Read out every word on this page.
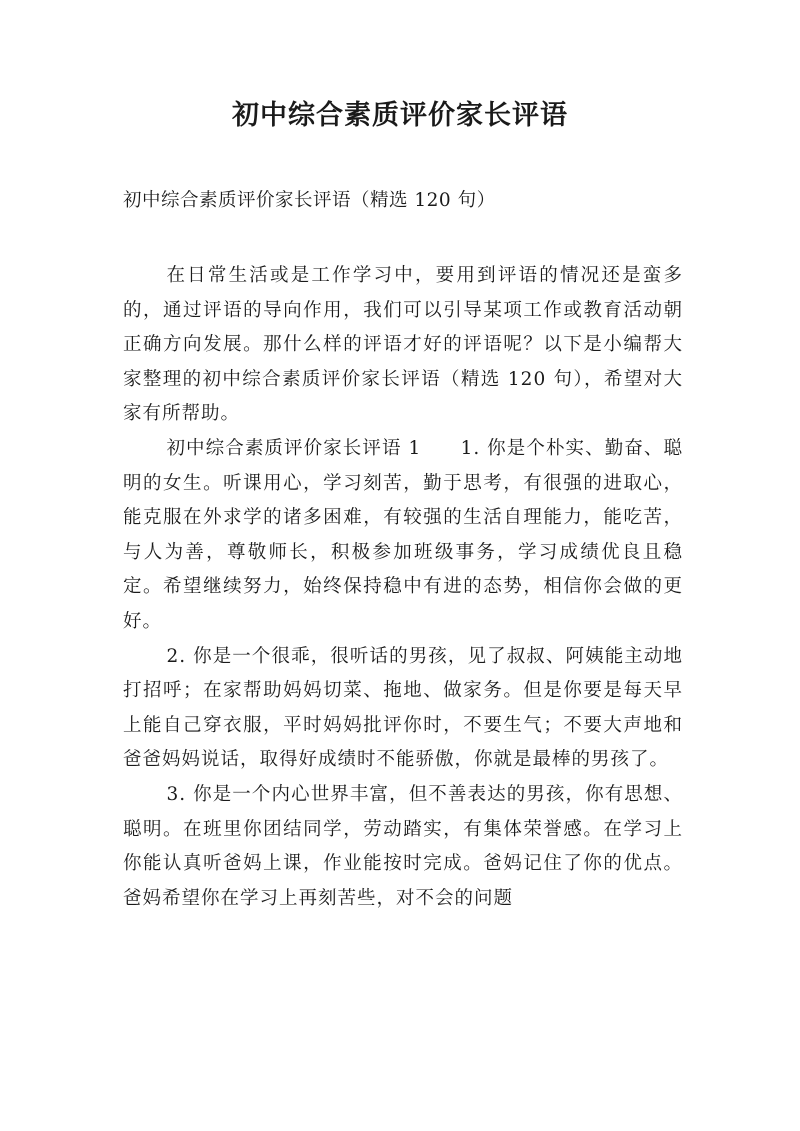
初中综合素质评价家长评语
初中综合素质评价家长评语（精选 120 句）

在日常生活或是工作学习中，要用到评语的情况还是蛮多的，通过评语的导向作用，我们可以引导某项工作或教育活动朝正确方向发展。那什么样的评语才好的评语呢？以下是小编帮大家整理的初中综合素质评价家长评语（精选 120 句），希望对大家有所帮助。

初中综合素质评价家长评语 1　　1. 你是个朴实、勤奋、聪明的女生。听课用心，学习刻苦，勤于思考，有很强的进取心，能克服在外求学的诸多困难，有较强的生活自理能力，能吃苦，与人为善，尊敬师长，积极参加班级事务，学习成绩优良且稳定。希望继续努力，始终保持稳中有进的态势，相信你会做的更好。

2. 你是一个很乖，很听话的男孩，见了叔叔、阿姨能主动地打招呼；在家帮助妈妈切菜、拖地、做家务。但是你要是每天早上能自己穿衣服，平时妈妈批评你时，不要生气；不要大声地和爸爸妈妈说话，取得好成绩时不能骄傲，你就是最棒的男孩了。

3. 你是一个内心世界丰富，但不善表达的男孩，你有思想、聪明。在班里你团结同学，劳动踏实，有集体荣誉感。在学习上你能认真听爸妈上课，作业能按时完成。爸妈记住了你的优点。爸妈希望你在学习上再刻苦些，对不会的问题
